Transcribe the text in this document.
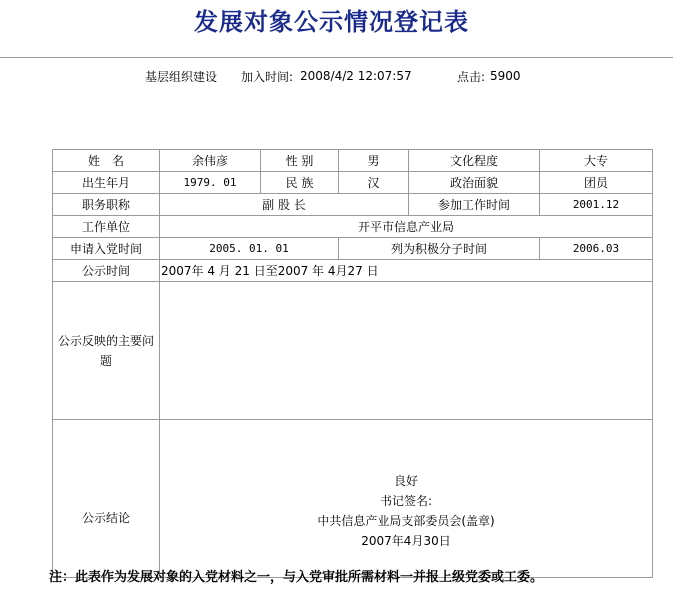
发展对象公示情况登记表
基层组织建设 加入时间: 2008/4/2 12:07:57	点击: 5900
姓　名	余伟彦	性 别	男	文化程度	大专
出生年月	1979. 01	民 族	汉	政治面貌	团员
职务职称	副 股 长			参加工作时间	2001.12
工作单位	开平市信息产业局				
申请入党时间	2005. 01. 01		列为积极分子时间		2006.03
公示时间	2007年 4 月 21 日至2007 年 4月27 日				
公示反映的主要问题					
公示结论	良好
书记签名:
中共信息产业局支部委员会(盖章)
2007年4月30日				
注：此表作为发展对象的入党材料之一，与入党审批所需材料一并报上级党委或工委。
